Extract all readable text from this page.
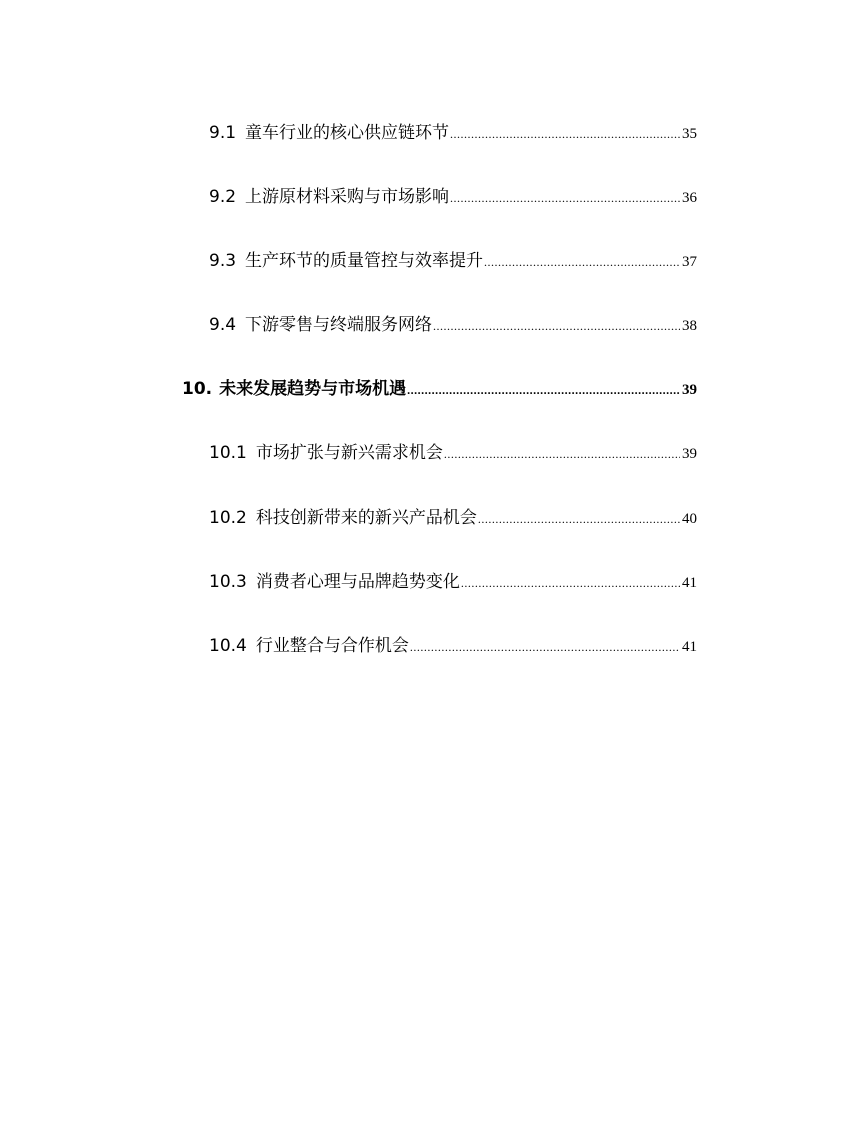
9.1 童车行业的核心供应链环节 .....	35
9.2 上游原材料采购与市场影响 .....	36
9.3 生产环节的质量管控与效率提升 .....	37
9.4 下游零售与终端服务网络 .....	38
10. 未来发展趋势与市场机遇 .....	39
10.1 市场扩张与新兴需求机会 .....	39
10.2 科技创新带来的新兴产品机会 .....	40
10.3 消费者心理与品牌趋势变化 .....	41
10.4 行业整合与合作机会 .....	41
